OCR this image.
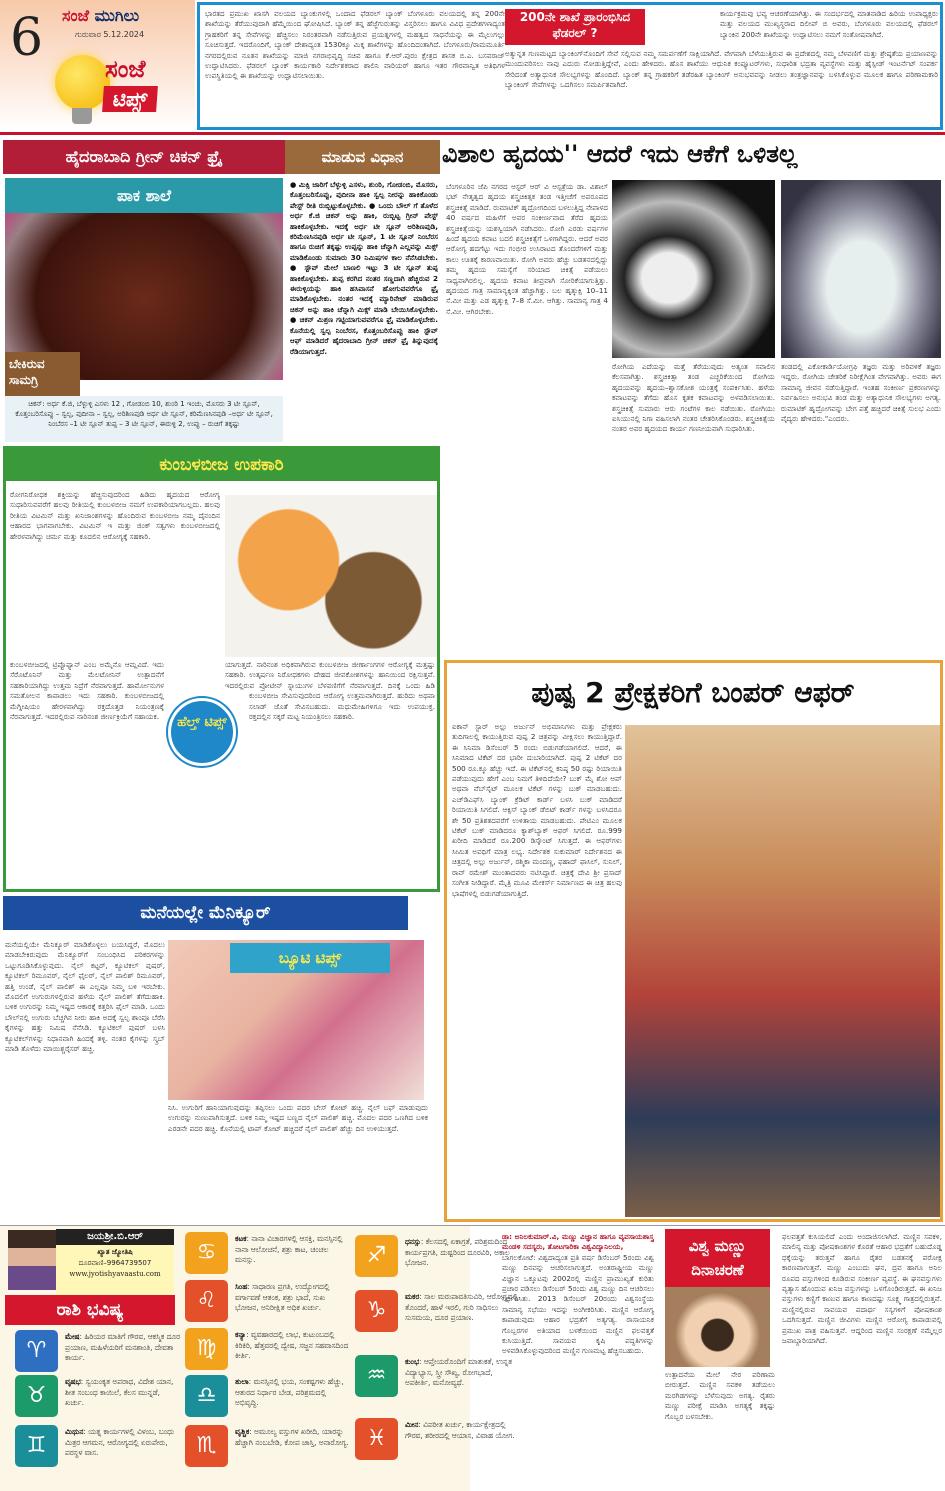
6 ಸಂಜೆ ಮುಗಿಲು
ಗುರುವಾರ 5.12.2024
ಸಂಜೆ
ಟಿಪ್ಸ್
ಭಾರತದ ಪ್ರಮುಖ ಖಾಸಗಿ ವಲಯದ ಬ್ಯಾಂಕುಗಳಲ್ಲಿ ಒಂದಾದ ಫೆಡರಲ್ ಬ್ಯಾಂಕ್ ಬೆಂಗಳೂರು ವಲಯದಲ್ಲಿ ತನ್ನ 200ನೇ ಶಾಖೆಯನ್ನು ತೆರೆಯುವುದಾಗಿ ಹೆಮ್ಮೆಯಿಂದ ಘೋಷಿಸಿದೆ. ಬ್ಯಾಂಕ್ ತನ್ನ ಹೆಜ್ಜೆಗುರುತನ್ನು ವಿಸ್ತರಿಸಲು ಹಾಗೂ ವಿವಿಧ ಪ್ರದೇಶಗಳಾದ್ಯಂತ ಗ್ರಾಹಕರಿಗೆ ತನ್ನ ಸೇವೆಗಳನ್ನು ಹೆಚ್ಚಿಸಲು ನಿರಂತರವಾಗಿ ನಡೆಸುತ್ತಿರುವ ಪ್ರಯತ್ನಗಳಲ್ಲಿ ಮಹತ್ವದ ಸಾಧನೆಯನ್ನು ಈ ಮೈಲುಗಲ್ಲು ಸೂಚಿಸುತ್ತದೆ. ಇದರೊಂದಿಗೆ, ಬ್ಯಾಂಕ್ ದೇಶಾದ್ಯಂತ 1530ಕ್ಕೂ ಮಿಕ್ಕ ಶಾಖೆಗಳನ್ನು ಹೊಂದಿದಂತಾಗಿದೆ. ಬೆಂಗಳೂರು/ರಾಮಮೂರ್ತಿ ನಗರದಲ್ಲಿರುವ ನೂತನ ಶಾಖೆಯನ್ನು ಮಾಜಿ ನಗರಾಭಿವೃದ್ಧಿ ಸಚಿವ ಹಾಗೂ ಕೆ.ಆರ್.ಪುರಂ ಕ್ಷೇತ್ರದ ಶಾಸಕ ಬಿ.ಎ. ಬಸವರಾಜ್ ಉದ್ಘಾಟಿಸಿದರು. ಫೆಡರಲ್ ಬ್ಯಾಂಕ್ ಕಾರ್ಯಕಾರಿ ನಿರ್ದೇಶಕರಾದ ಶಾಲಿನಿ ವಾರಿಯರ್ ಹಾಗೂ ಇತರ ಗೌರವಾನ್ವಿತ ಅತಿಥಿಗಳ ಉಪಸ್ಥಿತಿಯಲ್ಲಿ ಈ ಶಾಖೆಯನ್ನು ಉದ್ಘಾಟಿಸಲಾಯಿತು.
200ನೇ ಶಾಖೆ ಪ್ರಾರಂಭಿಸಿದ ಫೆಡರಲ್ ?
ಕಾರ್ಯಕ್ರಮವು ಭವ್ಯ ಆಚರಣೆಯಾಗಿತ್ತು. ಈ ಸಂದರ್ಭದಲ್ಲಿ ಮಾತನಾಡಿದ ಹಿರಿಯ ಉಪಾಧ್ಯಕ್ಷರು ಮತ್ತು ವಲಯದ ಮುಖ್ಯಸ್ಥರಾದ ದಿಲೀಪ್ ಬಿ ಅವರು, ಬೆಂಗಳೂರು ವಲಯದಲ್ಲಿ ಫೆಡರಲ್ ಬ್ಯಾಂಕಿನ 200ನೇ ಶಾಖೆಯನ್ನು ಉದ್ಘಾಟಿಸಲು ನಮಗೆ ಸಂತೋಷವಾಗಿದೆ.
ಅತ್ಯುನ್ನತ ಗುಣಮಟ್ಟದ ಬ್ಯಾಂಕಿಂಗ್‌ನೊಂದಿಗೆ ಸೇವೆ ಸಲ್ಲಿಸುವ ನಮ್ಮ ಸಮರ್ಪಣೆಗೆ ಸಾಕ್ಷಿಯಾಗಿದೆ. ವೇಗವಾಗಿ ಬೆಳೆಯುತ್ತಿರುವ ಈ ಪ್ರದೇಶದಲ್ಲಿ ನಮ್ಮ ಬೆಳವಣಿಗೆ ಮತ್ತು ಶ್ರೇಷ್ಠತೆಯ ಪ್ರಯಾಣವನ್ನು ಮುಂದುವರಿಸಲು ನಾವು ಎದುರು ನೋಡುತ್ತಿದ್ದೇವೆ, ಎಂದು ಹೇಳಿದರು. ಹೊಸ ಶಾಖೆಯು ಆಧುನಿಕ ಕಂಪ್ಯೂಟರ್‌ಗಳು, ಸುಧಾರಿತ ಭದ್ರತಾ ವ್ಯವಸ್ಥೆಗಳು ಮತ್ತು ಹೈಸ್ಪೀಡ್ ಇಂಟರ್ನೆಟ್ ಸಂಪರ್ಕ ಸೇರಿದಂತೆ ಅತ್ಯಾಧುನಿಕ ಸೌಲಭ್ಯಗಳನ್ನು ಹೊಂದಿದೆ. ಬ್ಯಾಂಕ್ ತನ್ನ ಗ್ರಾಹಕರಿಗೆ ತಡೆರಹಿತ ಬ್ಯಾಂಕಿಂಗ್ ಅನುಭವವನ್ನು ನೀಡಲು ತಂತ್ರಜ್ಞಾನವನ್ನು ಬಳಸಿಕೊಳ್ಳುವ ಮೂಲಕ ಹಾಗೂ ಪರಿಣಾಮಕಾರಿ ಬ್ಯಾಂಕಿಂಗ್ ಸೇವೆಗಳನ್ನು ಒದಗಿಸಲು ಸಮರ್ಪಿತವಾಗಿದೆ.
ಹೈದರಾಬಾದಿ ಗ್ರೀನ್ ಚಿಕನ್ ಫ್ರೈ	ಮಾಡುವ ವಿಧಾನ
ಪಾಕ ಶಾಲೆ
ಬೇಕಿರುವ ಸಾಮಗ್ರಿ
ಚಿಕನ್: ಅರ್ಧ ಕೆ.ಜಿ, ಬೆಳ್ಳುಳ್ಳಿ ಎಸಳು 12 , ಗೋಡಂಬಿ 10, ಶುಂಠಿ 1 ಇಂಚು, ಮೊಸರು 3 ಟೀ ಸ್ಪೂನ್, ಕೊತ್ತಂಬರಿಸೊಪ್ಪು – ಸ್ವಲ್ಪ, ಪುದೀನಾ – ಸ್ವಲ್ಪ, ಅರಿಶಿಣಪುಡಿ ಅರ್ಧ ಟೀ ಸ್ಪೂನ್, ಕರಿಮೆಣಸಿನಪುಡಿ –ಅರ್ಧ ಟೀ ಸ್ಪೂನ್, ನಿಂಬೆರಸ –1 ಟೀ ಸ್ಪೂನ್ ತುಪ್ಪ – 3 ಟೀ ಸ್ಪೂನ್, ಈರುಳ್ಳಿ 2, ಉಪ್ಪು – ರುಚಿಗೆ ತಕ್ಕಷ್ಟು
● ಮಿಕ್ಸಿ ಜಾರಿಗೆ ಬೆಳ್ಳುಳ್ಳಿ ಎಸಳು, ಶುಂಠಿ, ಗೋಡಂಬಿ, ಮೊಸರು, ಕೊತ್ತಂಬರಿಸೊಪ್ಪು, ಪುದೀನಾ ಹಾಕಿ ಸ್ವಲ್ಪ ನೀರನ್ನು ಹಾಕಿಕೊಂಡು ಪೇಸ್ಟ್ ರೀತಿ ರುಬ್ಬಿಟ್ಟುಕೊಳ್ಳಬೇಕು. ● ಒಂದು ಬೌಲ್ ಗೆ ತೊಳೆದ ಅರ್ಧ ಕೆ.ಜಿ ಚಿಕನ್ ಅನ್ನು ಹಾಕಿ, ರುಬ್ಬಿಟ್ಟ ಗ್ರೀನ್ ಪೇಸ್ಟ್ ಹಾಕಿಕೊಳ್ಳಬೇಕು. ಇದಕ್ಕೆ ಅರ್ಧ ಟೀ ಸ್ಪೂನ್ ಅರಿಶಿಣಪುಡಿ, ಕರಿಮೆಣಸಿನಪುಡಿ ಅರ್ಧ ಟೀ ಸ್ಪೂನ್, 1 ಟೀ ಸ್ಪೂನ್ ನಿಂಬೆರಸ ಹಾಗೂ ರುಚಿಗೆ ತಕ್ಕಷ್ಟು ಉಪ್ಪನ್ನು ಹಾಕಿ ಚೆನ್ನಾಗಿ ಎಲ್ಲವನ್ನು ಮಿಕ್ಸ್ ಮಾಡಿಕೊಂಡು ಸುಮಾರು 30 ನಿಮಿಷಗಳ ಕಾಲ ನೆನೆಸಿಡಬೇಕು. ● ಸ್ಟೌವ್ ಮೇಲೆ ಬಾಣಲಿ ಇಟ್ಟು 3 ಟೀ ಸ್ಪೂನ್ ತುಪ್ಪ ಹಾಕಿಕೊಳ್ಳಬೇಕು. ತುಪ್ಪ ಕರಗಿದ ನಂತರ ಸಣ್ಣದಾಗಿ ಹೆಚ್ಚಿರುವ 2 ಈರುಳ್ಳಿಯನ್ನು ಹಾಕಿ ಹಸಿವಾಸನೆ ಹೋಗುವವರೆಗೂ ಫ್ರೈ ಮಾಡಿಕೊಳ್ಳಬೇಕು. ನಂತರ ಇದಕ್ಕೆ ಮ್ಯಾರಿನೇಟ್ ಮಾಡಿರುವ ಚಿಕನ್ ಅನ್ನು ಹಾಕಿ ಚೆನ್ನಾಗಿ ಮಿಕ್ಸ್ ಮಾಡಿ ಬೇಯಿಸಿಕೊಳ್ಳಬೇಕು. ● ಚಿಕನ್ ಮಿಶ್ರಣ ಗಟ್ಟಿಯಾಗುವವರೆಗೂ ಫ್ರೈ ಮಾಡಿಕೊಳ್ಳಬೇಕು. ಕೊನೆಯಲ್ಲಿ ಸ್ವಲ್ಪ ನಿಂಬೆರಸ, ಕೊತ್ತಂಬರಿಸೊಪ್ಪು ಹಾಕಿ ಸ್ಟೌವ್ ಆಫ್ ಮಾಡಿದರೆ ಹೈದರಾಬಾದಿ ಗ್ರೀನ್ ಚಿಕನ್ ಫ್ರೈ ತಿನ್ನುವುದಕ್ಕೆ ರೆಡಿಯಾಗುತ್ತದೆ.
ಕುಂಬಳಬೀಜ ಉಪಕಾರಿ
ರೋಗನಿರೋಧಕ ಶಕ್ತಿಯನ್ನು ಹೆಚ್ಚಿಸುವುದರಿಂದ ಹಿಡಿದು ಹೃದಯದ ಆರೋಗ್ಯ ಸುಧಾರಿಸುವವರೆಗೆ ಹಲವು ರೀತಿಯಲ್ಲಿ ಕುಂಬಳಬೀಜ ನಮಗೆ ಉಪಕಾರಿಯಾಗಬಲ್ಲದು. ಹಲವು ರೀತಿಯ ವಿಟಮಿನ್ ಮತ್ತು ಖನಿಜಾಂಶಗಳನ್ನು ಹೊಂದಿರುವ ಕುಂಬಳಬೀಜ ನಮ್ಮ ದೈನಂದಿನ ಆಹಾರದ ಭಾಗವಾಗಬೇಕು. ವಿಟಮಿನ್ ಇ ಮತ್ತು ಜಿಂಕ್ ಸತ್ವಗಳು ಕುಂಬಳಬೀಜದಲ್ಲಿ ಹೇರಳವಾಗಿದ್ದು ಚರ್ಮ ಮತ್ತು ಕೂದಲಿನ ಆರೋಗ್ಯಕ್ಕೆ ಸಹಕಾರಿ.
ಕುಂಬಳಬೀಜದಲ್ಲಿ ಟ್ರಿಪ್ಟೊಫ್ಯಾನ್ ಎಂಬ ಅಮೈನೊ ಆಮ್ಲವಿದೆ. ಇದು ಸೆರೊಟೊನಿನ್ ಮತ್ತು ಮೆಲಟೋನಿನ್ ಉತ್ಪಾದನೆಗೆ ಸಹಕಾರಿಯಾಗಿದ್ದು ಉತ್ತಮ ನಿದ್ರೆಗೆ ನೆರವಾಗುತ್ತದೆ. ಹಾರ್ಮೋನುಗಳ ಸಮತೋಲನ ಕಾಪಾಡಲು ಇದು ಸಹಕಾರಿ. ಕುಂಬಳಬೀಜದಲ್ಲಿ ಮೆಗ್ನೀಷಿಯಂ ಹೇರಳವಾಗಿದ್ದು ರಕ್ತದೊತ್ತಡ ನಿಯಂತ್ರಣಕ್ಕೆ ನೆರವಾಗುತ್ತದೆ. ಇದರಲ್ಲಿರುವ ನಾರಿನಂಶ ಜೀರ್ಣಕ್ರಿಯೆಗೆ ಸಹಾಯಕ.
ಯಾಗುತ್ತದೆ. ನಾರಿನಂಶ ಅಧಿಕವಾಗಿರುವ ಕುಂಬಳಬೀಜ ಜೀರ್ಣಾಂಗಗಳ ಆರೋಗ್ಯಕ್ಕೆ ಮತ್ತಷ್ಟು ಸಹಕಾರಿ. ಉತ್ಕರ್ಷಣ ನಿರೋಧಕಗಳು ದೇಹದ ಜೀವಕೋಶಗಳನ್ನು ಹಾನಿಯಿಂದ ರಕ್ಷಿಸುತ್ತವೆ. ಇದರಲ್ಲಿರುವ ಪ್ರೋಟೀನ್ ಸ್ನಾಯುಗಳ ಬೆಳವಣಿಗೆಗೆ ನೆರವಾಗುತ್ತದೆ. ದಿನಕ್ಕೆ ಒಂದು ಹಿಡಿ ಕುಂಬಳಬೀಜ ಸೇವಿಸುವುದರಿಂದ ಆರೋಗ್ಯ ಉತ್ತಮವಾಗಿರುತ್ತದೆ. ಹುರಿದು ಅಥವಾ ಸಲಾಡ್ ಜೊತೆ ಸೇವಿಸಬಹುದು. ಮಧುಮೇಹಿಗಳಿಗೂ ಇದು ಉಪಯುಕ್ತ. ರಕ್ತದಲ್ಲಿನ ಸಕ್ಕರೆ ಮಟ್ಟ ನಿಯಂತ್ರಿಸಲು ಸಹಕಾರಿ.
ಹೆಲ್ತ್ ಟಿಪ್ಸ್
ಮನೆಯಲ್ಲೇ ಮೆನಿಕ್ಯೂರ್
ಮನೆಯಲ್ಲಿಯೇ ಮೆನಿಕ್ಯೂರ್ ಮಾಡಿಕೊಳ್ಳಲು ಬಯಸಿದ್ದರೆ, ಮೊದಲು ಮಾಡಬೇಕಿರುವುದು ಮೆನಿಕ್ಯೂರ್‌ಗೆ ಸಂಬಂಧಿಸಿದ ಪರಿಕರಗಳನ್ನು ಒಟ್ಟುಗೂಡಿಸಿಕೊಳ್ಳುವುದು. ನೈಲ್ ಕಟ್ಟರ್, ಕ್ಯೂಟಿಕಲ್ ಪುಷರ್, ಕ್ಯೂಟಿಕಲ್ ರಿಮೂವರ್, ನೈಲ್ ಫೈಲರ್, ನೈಲ್ ಪಾಲಿಶ್ ರಿಮೂವರ್, ಹತ್ತಿ ಉಂಡೆ, ನೈಲ್ ಪಾಲಿಶ್ ಈ ಎಲ್ಲವೂ ನಿಮ್ಮ ಬಳಿ ಇರಬೇಕು. ಮೊದಲಿಗೆ ಉಗುರುಗಳಲ್ಲಿರುವ ಹಳೆಯ ನೈಲ್ ಪಾಲಿಶ್ ತೆಗೆದುಹಾಕಿ. ಬಳಿಕ ಉಗುರನ್ನು ನಿಮ್ಮ ಇಷ್ಟದ ಆಕಾರಕ್ಕೆ ಕತ್ತರಿಸಿ ಫೈಲ್ ಮಾಡಿ. ಒಂದು ಬೌಲ್‌ನಲ್ಲಿ ಉಗುರು ಬೆಚ್ಚಗಿನ ನೀರು ಹಾಕಿ ಅದಕ್ಕೆ ಸ್ವಲ್ಪ ಶಾಂಪೂ ಬೆರೆಸಿ ಕೈಗಳನ್ನು ಹತ್ತು ನಿಮಿಷ ನೆನೆಸಿಡಿ. ಕ್ಯೂಟಿಕಲ್ ಪುಷರ್ ಬಳಸಿ ಕ್ಯೂಟಿಕಲ್‌ಗಳನ್ನು ನಿಧಾನವಾಗಿ ಹಿಂದಕ್ಕೆ ತಳ್ಳಿ. ನಂತರ ಕೈಗಳನ್ನು ಸ್ಕ್ರಬ್ ಮಾಡಿ ತೊಳೆದು ಮಾಯಿಶ್ಚರೈಸರ್ ಹಚ್ಚಿ.
ಬ್ಯೂಟಿ ಟಿಪ್ಸ್
ನಿಸಿ. ಉಗುರಿಗೆ ಹಾನಿಯಾಗುವುದನ್ನು ತಪ್ಪಿಸಲು ಒಂದು ಪದರ ಬೇಸ್ ಕೋಟ್ ಹಚ್ಚಿ. ನೈಲ್ ಬಫ್ ಮಾಡುವುದು ಉಗುರನ್ನು ನುಣುಪಾಗಿಸುತ್ತದೆ. ಬಳಿಕ ನಿಮ್ಮ ಇಷ್ಟದ ಬಣ್ಣದ ನೈಲ್ ಪಾಲಿಶ್ ಹಚ್ಚಿ. ಮೊದಲ ಪದರ ಒಣಗಿದ ಬಳಿಕ ಎರಡನೇ ಪದರ ಹಚ್ಚಿ. ಕೊನೆಯಲ್ಲಿ ಟಾಪ್ ಕೋಟ್ ಹಚ್ಚಿದರೆ ನೈಲ್ ಪಾಲಿಶ್ ಹೆಚ್ಚು ದಿನ ಉಳಿಯುತ್ತದೆ.
ವಿಶಾಲ ಹೃದಯ'' ಆದರೆ ಇದು ಆಕೆಗೆ ಒಳಿತಲ್ಲ
ಬೆಂಗಳೂರಿನ ಜೆಪಿ ನಗರದ ಆಸ್ಟರ್ ಆರ್ ವಿ ಆಸ್ಪತ್ರೆಯ ಡಾ. ವಿಶಾಲ್ ಭಟ್ ನೇತೃತ್ವದ ಹೃದಯ ಶಸ್ತ್ರಚಿಕಿತ್ಸಕ ತಂಡ ಇತ್ತೀಚೆಗೆ ಅಪರೂಪದ ಶಸ್ತ್ರಚಿಕಿತ್ಸೆ ಮಾಡಿದೆ. ರುಮಾಟಿಕ್ ಹೃದ್ರೋಗದಿಂದ ಬಳಲುತ್ತಿದ್ದ ನೇಪಾಳದ 40 ವರ್ಷದ ಮಹಿಳೆಗೆ ಅವರ ಸಂಕೀರ್ಣವಾದ ತೆರೆದ ಹೃದಯ ಶಸ್ತ್ರಚಿಕಿತ್ಸೆಯನ್ನು ಯಶಸ್ವಿಯಾಗಿ ನಡೆಸಿದರು. ರೋಗಿ ಎರಡು ವರ್ಷಗಳ ಹಿಂದೆ ಹೃದಯ ಕವಾಟ ಬದಲಿ ಶಸ್ತ್ರಚಿಕಿತ್ಸೆಗೆ ಒಳಗಾಗಿದ್ದರು. ಆದರೆ ಅವರ ಆರೋಗ್ಯ ಹದಗೆಟ್ಟು ಇದು ಗಂಭೀರ ಉಸಿರಾಟದ ತೊಂದರೆಗಳಿಗೆ ಮತ್ತು ಕಾಲು ಊತಕ್ಕೆ ಕಾರಣವಾಯಿತು. ರೋಗಿ ಅವರು ಹೆಚ್ಚು ಬಡತನದಲ್ಲಿದ್ದು ತಮ್ಮ ಹೃದಯ ಸಮಸ್ಯೆಗೆ ಸರಿಯಾದ ಚಿಕಿತ್ಸೆ ಪಡೆಯಲು ಸಾಧ್ಯವಾಗಿರಲಿಲ್ಲ. ಹೃದಯ ಕವಾಟ ತೀವ್ರವಾಗಿ ಸೋರಿಕೆಯಾಗುತ್ತಿತ್ತು. ಹೃದಯದ ಗಾತ್ರ ಸಾಮಾನ್ಯಕ್ಕಿಂತ ಹೆಚ್ಚಾಗಿತ್ತು. ಬಲ ಹೃತ್ಕುಕ್ಷಿ 10–11 ಸೆ.ಮೀ ಮತ್ತು ಎಡ ಹೃತ್ಕುಕ್ಷಿ 7–8 ಸೆ.ಮೀ. ಆಗಿತ್ತು. ಸಾಮಾನ್ಯ ಗಾತ್ರ 4 ಸೆ.ಮೀ. ಆಗಿರಬೇಕು.
ರೋಗಿಯ ಎದೆಯನ್ನು ಮತ್ತೆ ತೆರೆಯುವುದು ಅತ್ಯಂತ ಸವಾಲಿನ ಕೆಲಸವಾಗಿತ್ತು. ಶಸ್ತ್ರಚಿಕಿತ್ಸಾ ತಂಡ ಎಚ್ಚರಿಕೆಯಿಂದ ರೋಗಿಯ ಹೃದಯವನ್ನು ಹೃದಯ–ಶ್ವಾಸಕೋಶ ಯಂತ್ರಕ್ಕೆ ಸಂಪರ್ಕಿಸಿತು. ಹಳೆಯ ಕವಾಟವನ್ನು ತೆಗೆದು ಹೊಸ ಕೃತಕ ಕವಾಟವನ್ನು ಅಳವಡಿಸಲಾಯಿತು. ಶಸ್ತ್ರಚಿಕಿತ್ಸೆ ಸುಮಾರು ಆರು ಗಂಟೆಗಳ ಕಾಲ ನಡೆಯಿತು. ರೋಗಿಯು ಐಸಿಯುನಲ್ಲಿ ನಿಗಾ ವಹಿಸಲಾಗಿ ನಂತರ ಚೇತರಿಸಿಕೊಂಡರು. ಶಸ್ತ್ರಚಿಕಿತ್ಸೆಯ ನಂತರ ಅವರ ಹೃದಯದ ಕಾರ್ಯ ಗಣನೀಯವಾಗಿ ಸುಧಾರಿಸಿತು.
ತಂಡದಲ್ಲಿ ಎಕೋಕಾರ್ಡಿಯೋಗ್ರಫಿ ತಜ್ಞರು ಮತ್ತು ಅರಿವಳಿಕೆ ತಜ್ಞರು ಇದ್ದರು. ರೋಗಿಯ ಚೇತರಿಕೆ ನಿರೀಕ್ಷೆಗಿಂತ ವೇಗವಾಗಿತ್ತು. ಅವರು ಈಗ ಸಾಮಾನ್ಯ ಜೀವನ ನಡೆಸುತ್ತಿದ್ದಾರೆ. ಇಂತಹ ಸಂಕೀರ್ಣ ಪ್ರಕರಣಗಳನ್ನು ನಿರ್ವಹಿಸಲು ಅನುಭವಿ ತಂಡ ಮತ್ತು ಅತ್ಯಾಧುನಿಕ ಸೌಲಭ್ಯಗಳು ಅಗತ್ಯ. ರುಮಾಟಿಕ್ ಹೃದ್ರೋಗವನ್ನು ಬೇಗ ಪತ್ತೆ ಹಚ್ಚಿದರೆ ಚಿಕಿತ್ಸೆ ಸುಲಭ ಎಂದು ವೈದ್ಯರು ಹೇಳಿದರು."ಎಂದರು.
ಪುಷ್ಪ 2 ಪ್ರೇಕ್ಷಕರಿಗೆ ಬಂಪರ್ ಆಫರ್
ಐಕಾನ್ ಸ್ಟಾರ್ ಅಲ್ಲು ಅರ್ಜುನ್ ಅಭಿಮಾನಿಗಳು ಮತ್ತು ಪ್ರೇಕ್ಷಕರು ತುದಿಗಾಲಲ್ಲಿ ಕಾಯುತ್ತಿರುವ ಪುಷ್ಪ 2 ಚಿತ್ರವನ್ನು ವೀಕ್ಷಿಸಲು ಕಾಯುತ್ತಿದ್ದಾರೆ. ಈ ಸಿನಿಮಾ ಡಿಸೆಂಬರ್ 5 ರಂದು ಬಿಡುಗಡೆಯಾಗಲಿದೆ. ಆದರೆ, ಈ ಸಿನಿಮಾದ ಟಿಕೆಟ್ ದರ ಭಾರೀ ದುಬಾರಿಯಾಗಿದೆ. ಪುಷ್ಪ 2 ಟಿಕೆಟ್ ದರ 500 ರೂ.ಕ್ಕೂ ಹೆಚ್ಚು ಇದೆ. ಈ ಟಿಕೆಟ್‌ನಲ್ಲಿ ಕನಿಷ್ಠ 50 ರಷ್ಟು ರಿಯಾಯಿತಿ ಪಡೆಯುವುದು ಹೇಗೆ ಎಂಬ ನಿಮಗೆ ತಿಳಿದಿದೆಯೇ? ಬುಕ್ ಮೈ ಶೋ ಆಪ್ ಅಥವಾ ವೆಬ್‌ಸೈಟ್ ಮೂಲಕ ಟಿಕೆಟ್ ಗಳನ್ನು ಬುಕ್ ಮಾಡಬಹುದು. ಎಚ್‌ಡಿಎಫ್‌ಸಿ ಬ್ಯಾಂಕ್ ಕ್ರೆಡಿಟ್ ಕಾರ್ಡ್ ಬಳಸಿ ಬುಕ್ ಮಾಡಿದರೆ ರಿಯಾಯಿತಿ ಸಿಗಲಿದೆ. ಆಕ್ಸಿಸ್ ಬ್ಯಾಂಕ್ ಡೆಬಿಟ್ ಕಾರ್ಡ್ ಗಳನ್ನು ಬಳಸಿದರೂ ಶೇ 50 ಪ್ರತಿಶತದವರೆಗೆ ಉಳಿತಾಯ ಮಾಡಬಹುದು. ಪೇಟಿಎಂ ಮೂಲಕ ಟಿಕೆಟ್ ಬುಕ್ ಮಾಡಿದರೂ ಕ್ಯಾಶ್‌ಬ್ಯಾಕ್ ಆಫರ್ ಸಿಗಲಿದೆ. ರೂ.999 ಖರೀದಿ ಮಾಡಿದರೆ ರೂ.200 ಡಿಸ್ಕೌಂಟ್ ಸಿಗುತ್ತದೆ. ಈ ಆಫರ್‌ಗಳು ಸೀಮಿತ ಅವಧಿಗೆ ಮಾತ್ರ ಲಭ್ಯ. ನಿರ್ದೇಶಕ ಸುಕುಮಾರ್ ನಿರ್ದೇಶನದ ಈ ಚಿತ್ರದಲ್ಲಿ ಅಲ್ಲು ಅರ್ಜುನ್, ರಶ್ಮಿಕಾ ಮಂದಣ್ಣ, ಫಹಾದ್ ಫಾಸಿಲ್, ಸುನಿಲ್, ರಾವ್ ರಮೇಶ್ ಮುಂತಾದವರು ನಟಿಸಿದ್ದಾರೆ. ಚಿತ್ರಕ್ಕೆ ದೇವಿ ಶ್ರೀ ಪ್ರಸಾದ್ ಸಂಗೀತ ನೀಡಿದ್ದಾರೆ. ಮೈತ್ರಿ ಮೂವಿ ಮೇಕರ್ಸ್ ನಿರ್ಮಾಣದ ಈ ಚಿತ್ರ ಹಲವು ಭಾಷೆಗಳಲ್ಲಿ ಬಿಡುಗಡೆಯಾಗುತ್ತಿದೆ.
ಜಯಶ್ರೀ.ಬಿ.ಆರ್
ಖ್ಯಾತ ಜ್ಯೋತಿಷಿ
ದೂರವಾಣಿ–9964739507
www.jyotishyavaastu.com
ರಾಶಿ ಭವಿಷ್ಯ
♈
ಮೇಷ: ಹಿರಿಯರ ಮಾತಿಗೆ ಗೌರವ, ಆಕಸ್ಮಿಕ ದೂರ ಪ್ರಯಾಣ, ಮಹಿಳೆಯರಿಗೆ ಮನಶಾಂತಿ, ದೇವತಾ ಕಾರ್ಯ.
♉
ವೃಷಭ: ಸ್ವಯಂಕೃತ ಅಪರಾಧ, ವಿದೇಶ ಯಾನ, ಶೀತ ಸಂಬಂಧ ಕಾಯಿಲೆ, ಕೆಲಸ ಮುನ್ನಡೆ, ಖರ್ಚು.
♊
ಮಿಥುನ: ಯತ್ನ ಕಾರ್ಯಗಳಲ್ಲಿ ವಿಳಂಬ, ಬಂಧು ಮಿತ್ರರ ಆಗಮನ, ಆರೋಗ್ಯದಲ್ಲಿ ಏರುಪೇರು, ಪರಸ್ಥಳ ವಾಸ.
♋
ಕಟಕ: ನಾನಾ ವಿಚಾರಗಳಲ್ಲಿ ಆಸಕ್ತಿ, ಮನಸ್ಸಿನಲ್ಲಿ ನಾನಾ ಆಲೋಚನೆ, ಶತ್ರು ಕಾಟ, ಚಂಚಲ ಮನಸ್ಸು.
♌
ಸಿಂಹ: ಸಾಧಾರಣ ಪ್ರಗತಿ, ಉದ್ಯೋಗದಲ್ಲಿ ವರ್ಗಾವಣೆ ಆತಂಕ, ಶತ್ರು ಭಾದೆ, ಸುಖ ಭೋಜನ, ಅನಿರೀಕ್ಷಿತ ಅಧಿಕ ಖರ್ಚು.
♍
ಕನ್ಯಾ: ವ್ಯವಹಾರದಲ್ಲಿ ಲಾಭ, ಕುಟುಂಬದಲ್ಲಿ ಕಿರಿಕಿರಿ, ಹೆತ್ತವರಲ್ಲಿ ದ್ವೇಷ, ಸಜ್ಜನ ಸಹವಾಸದಿಂದ ಕೀರ್ತಿ.
♎
ತುಲಾ: ಮನಸ್ಸಿನಲ್ಲಿ ಭಯ, ಸಂಕಷ್ಟಗಳು ಹೆಚ್ಚು, ಆತುರದ ನಿರ್ಧಾರ ಬೇಡ, ಪರಿಶ್ರಮದಲ್ಲಿ ಅಭಿವೃದ್ಧಿ.
♏
ವೃಶ್ಚಿಕ: ಅಮೂಲ್ಯ ವಸ್ತುಗಳ ಖರೀದಿ, ಯಾರನ್ನು ಹೆಚ್ಚಾಗಿ ನಂಬಬೇಡಿ, ಕೋಪ ಜಾಸ್ತಿ, ಅನಾರೋಗ್ಯ.
♐
ಧನಸ್ಸು: ಕೆಲಸದಲ್ಲಿ ಏಕಾಗ್ರತೆ, ಪರಿಶ್ರಮದಿಂದ ಕಾರ್ಯಪ್ರಗತಿ, ದುಷ್ಟರಿಂದ ದೂರವಿರಿ, ಅಕಾಲ ಭೋಜನ.
♑
ಮಕರ: ಸಾಲ ಮರುಪಾವತಿಸುವಿರಿ, ಆರೋಗ್ಯದಲ್ಲಿ ತೊಂದರೆ, ಹಾಳೆ ಇರಲಿ, ಗುರಿ ಸಾಧಿಸಲು ಸುಸಮಯ, ದೂರ ಪ್ರಯಾಣ.
♒
ಕುಂಭ: ಆಪ್ತೇಯರೊಂದಿಗೆ ಮಾತುಕತೆ, ಉನ್ನತ ವಿದ್ಯಾಭ್ಯಾಸ, ಸ್ತ್ರೀ ಸೌಖ್ಯ, ರೋಗಭಾದೆ, ಅಪಕೀರ್ತಿ, ಮನೋವ್ಯಥೆ.
♓
ಮೀನ: ವಿಪರೀತ ಖರ್ಚು, ಕಾರ್ಯಕ್ಷೇತ್ರದಲ್ಲಿ ಗೌರವ, ಶರೀರದಲ್ಲಿ ಆಯಾಸ, ವಿವಾಹ ಯೋಗ.
ಡಾ: ಅನಿಲಕುಮಾರ್.ವಿ, ಮಣ್ಣು ವಿಜ್ಞಾನ ಹಾಗೂ ವ್ಯವಸಾಯಶಾಸ್ತ್ರ ಮಂಡಳಿ ಸದಸ್ಯರು, ತೋಟಗಾರಿಕಾ ವಿಶ್ವವಿದ್ಯಾನಿಲಯ,
ಬಾಗಲಕೋಟೆ: ವಿಶ್ವದಾದ್ಯಂತ ಪ್ರತಿ ವರ್ಷ ಡಿಸೆಂಬರ್ 5ರಂದು ವಿಶ್ವ ಮಣ್ಣು ದಿನವನ್ನು ಆಚರಿಸಲಾಗುತ್ತದೆ. ಅಂತರಾಷ್ಟ್ರೀಯ ಮಣ್ಣು ವಿಜ್ಞಾನ ಒಕ್ಕೂಟವು 2002ರಲ್ಲಿ ಮಣ್ಣಿನ ಪ್ರಾಮುಖ್ಯತೆ ಕುರಿತು ಪ್ರಚಾರ ಪಡಿಸಲು ಡಿಸೆಂಬರ್ 5ರಂದು ವಿಶ್ವ ಮಣ್ಣು ದಿನ ಆಚರಿಸಲು ನಿರ್ಧರಿಸಿತು. 2013 ಡಿಸೆಂಬರ್ 20ರಂದು ವಿಶ್ವಸಂಸ್ಥೆಯ ಸಾಮಾನ್ಯ ಸಭೆಯು ಇದನ್ನು ಅಂಗೀಕರಿಸಿತು. ಮಣ್ಣಿನ ಆರೋಗ್ಯ ಕಾಪಾಡುವುದು ಆಹಾರ ಭದ್ರತೆಗೆ ಅತ್ಯಗತ್ಯ. ರಾಸಾಯನಿಕ ಗೊಬ್ಬರಗಳ ಅತಿಯಾದ ಬಳಕೆಯಿಂದ ಮಣ್ಣಿನ ಫಲವತ್ತತೆ ಕುಸಿಯುತ್ತಿದೆ. ಸಾವಯವ ಕೃಷಿ ಪದ್ಧತಿಗಳನ್ನು ಅಳವಡಿಸಿಕೊಳ್ಳುವುದರಿಂದ ಮಣ್ಣಿನ ಗುಣಮಟ್ಟ ಹೆಚ್ಚಿಸಬಹುದು.
ವಿಶ್ವ ಮಣ್ಣು ದಿನಾಚರಣೆ
ಉತ್ಪಾದನೆಯ ಮೇಲೆ ನೇರ ಪರಿಣಾಮ ಬೀರುತ್ತದೆ. ಮಣ್ಣಿನ ಸವಕಳಿ ತಡೆಯಲು ಮರಗಿಡಗಳನ್ನು ಬೆಳೆಸುವುದು ಅಗತ್ಯ. ರೈತರು ಮಣ್ಣು ಪರೀಕ್ಷೆ ಮಾಡಿಸಿ ಅಗತ್ಯಕ್ಕೆ ತಕ್ಕಷ್ಟು ಗೊಬ್ಬರ ಬಳಸಬೇಕು.
ಫಲವತ್ತತೆ ಕುಸಿಯಲಿದೆ ಎಂದು ಅಂದಾಜಿಸಲಾಗಿದೆ. ಮಣ್ಣಿನ ಸವಕಳಿ, ಮಾಲಿನ್ಯ ಮತ್ತು ಪೋಷಕಾಂಶಗಳ ಕೊರತೆ ಆಹಾರ ಭದ್ರತೆಗೆ ಬಹುದೊಡ್ಡ ಧಕ್ಕೆಯನ್ನು ತರುತ್ತವೆ ಹಾಗೂ ರೈತರ ಬಡತನಕ್ಕೆ ಪರೋಕ್ಷ ಕಾರಣವಾಗುತ್ತವೆ. ಮಣ್ಣು ಎಂಬುದು ಘನ, ದ್ರವ ಹಾಗೂ ಅನಿಲ ರೂಪದ ವಸ್ತುಗಳಿಂದ ಕೂಡಿರುವ ಸಂಕೀರ್ಣ ವ್ಯವಸ್ಥೆ. ಈ ಘನವಸ್ತುಗಳು ವ್ಯತ್ಯಾಸ ಹೊಂದುವ ಖನಿಜ ವಸ್ತುಗಳನ್ನು ಒಳಗೊಂಡಿರುತ್ತದೆ. ಈ ಖನಿಜ ವಸ್ತುಗಳು ಕಣ್ಣಿಗೆ ಕಾಣುವ ಹಾಗೂ ಕಾಣದಷ್ಟು ಸೂಕ್ಷ್ಮ ಗಾತ್ರದಲ್ಲಿರುತ್ತವೆ. ಮಣ್ಣಿನಲ್ಲಿರುವ ಸಾವಯವ ಪದಾರ್ಥ ಸಸ್ಯಗಳಿಗೆ ಪೋಷಕಾಂಶ ಒದಗಿಸುತ್ತದೆ. ಮಣ್ಣಿನ ಜೀವಿಗಳು ಮಣ್ಣಿನ ಆರೋಗ್ಯ ಕಾಪಾಡುವಲ್ಲಿ ಪ್ರಮುಖ ಪಾತ್ರ ವಹಿಸುತ್ತವೆ. ಆದ್ದರಿಂದ ಮಣ್ಣಿನ ಸಂರಕ್ಷಣೆ ನಮ್ಮೆಲ್ಲರ ಜವಾಬ್ದಾರಿಯಾಗಿದೆ.
